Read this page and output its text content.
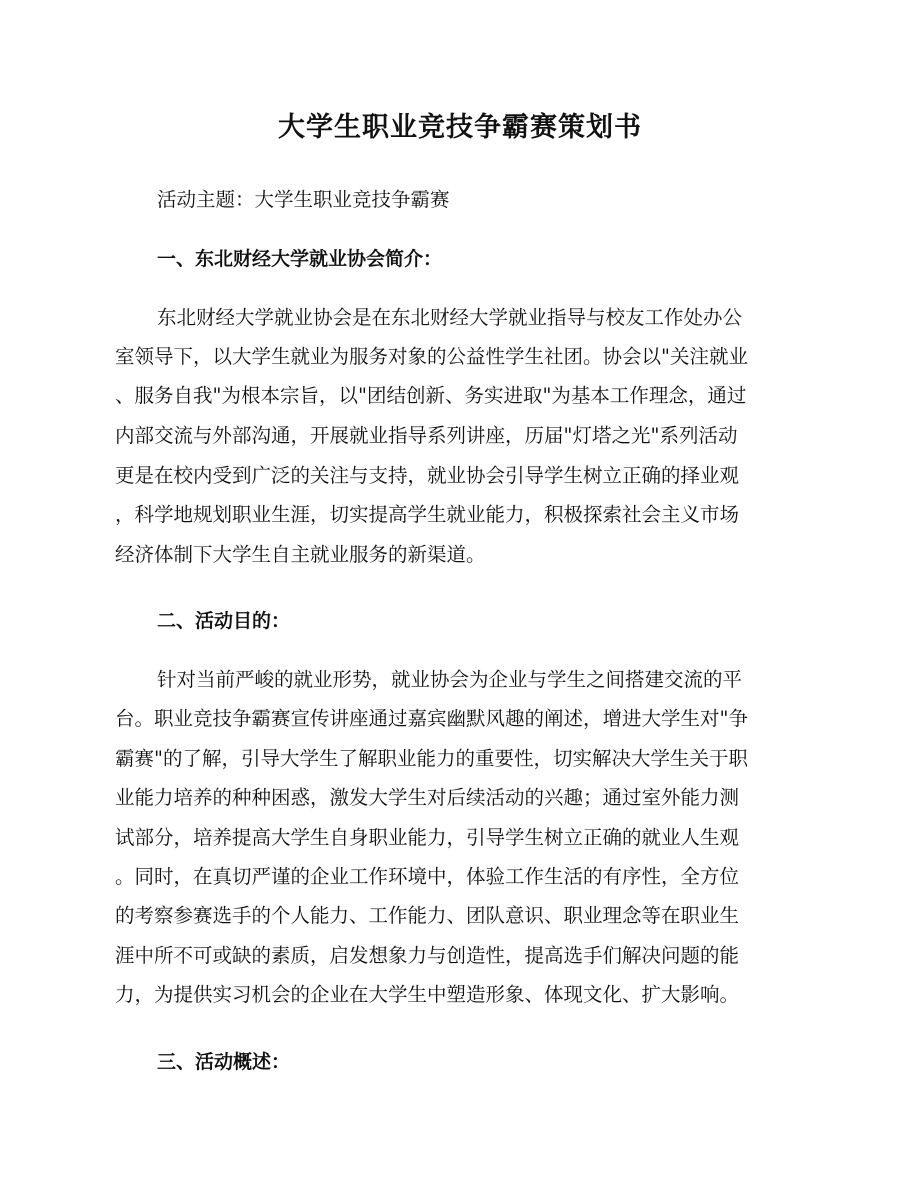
大学生职业竞技争霸赛策划书
活动主题：大学生职业竞技争霸赛
一、东北财经大学就业协会简介：
东北财经大学就业协会是在东北财经大学就业指导与校友工作处办公
室领导下，以大学生就业为服务对象的公益性学生社团。协会以"关注就业
、服务自我"为根本宗旨，以"团结创新、务实进取"为基本工作理念，通过
内部交流与外部沟通，开展就业指导系列讲座，历届"灯塔之光"系列活动
更是在校内受到广泛的关注与支持，就业协会引导学生树立正确的择业观
，科学地规划职业生涯，切实提高学生就业能力，积极探索社会主义市场
经济体制下大学生自主就业服务的新渠道。
二、活动目的：
针对当前严峻的就业形势，就业协会为企业与学生之间搭建交流的平
台。职业竞技争霸赛宣传讲座通过嘉宾幽默风趣的阐述，增进大学生对"争
霸赛"的了解，引导大学生了解职业能力的重要性，切实解决大学生关于职
业能力培养的种种困惑，激发大学生对后续活动的兴趣；通过室外能力测
试部分，培养提高大学生自身职业能力，引导学生树立正确的就业人生观
。同时，在真切严谨的企业工作环境中，体验工作生活的有序性，全方位
的考察参赛选手的个人能力、工作能力、团队意识、职业理念等在职业生
涯中所不可或缺的素质，启发想象力与创造性，提高选手们解决问题的能
力，为提供实习机会的企业在大学生中塑造形象、体现文化、扩大影响。
三、活动概述：
